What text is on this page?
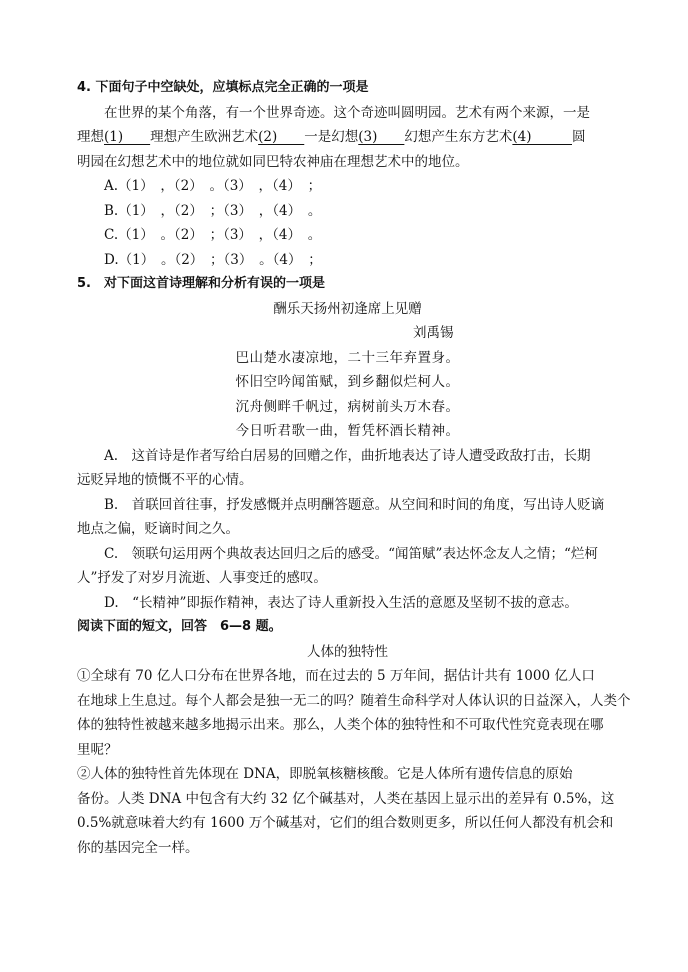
4. 下面句子中空缺处，应填标点完全正确的一项是
在世界的某个角落，有一个世界奇迹。这个奇迹叫圆明园。艺术有两个来源，一是
理想(1)　　理想产生欧洲艺术(2)　　一是幻想(3)　　幻想产生东方艺术(4)　　　圆
明园在幻想艺术中的地位就如同巴特农神庙在理想艺术中的地位。
A.（1）　，（2）　。（3）　，（4）　；
B.（1）　，（2）　；（3）　，（4）　。
C.（1）　。（2）　；（3）　，（4）　。
D.（1）　。（2）　；（3）　。（4）　；
5.　对下面这首诗理解和分析有误的一项是
酬乐天扬州初逢席上见赠
刘禹锡
巴山楚水凄凉地，二十三年弃置身。
怀旧空吟闻笛赋，到乡翻似烂柯人。
沉舟侧畔千帆过，病树前头万木春。
今日听君歌一曲，暂凭杯酒长精神。
A.　这首诗是作者写给白居易的回赠之作，曲折地表达了诗人遭受政敌打击，长期
远贬异地的愤慨不平的心情。
B.　首联回首往事，抒发感慨并点明酬答题意。从空间和时间的角度，写出诗人贬谪
地点之偏，贬谪时间之久。
C.　领联句运用两个典故表达回归之后的感受。“闻笛赋”表达怀念友人之情；“烂柯
人”抒发了对岁月流逝、人事变迁的感叹。
D.　“长精神”即振作精神，表达了诗人重新投入生活的意愿及坚韧不拔的意志。
阅读下面的短文，回答　6—8 题。
人体的独特性
①全球有 70 亿人口分布在世界各地，而在过去的 5 万年间，据估计共有 1000 亿人口
在地球上生息过。每个人都会是独一无二的吗？随着生命科学对人体认识的日益深入，人类个
体的独特性被越来越多地揭示出来。那么，人类个体的独特性和不可取代性究竟表现在哪
里呢？
②人体的独特性首先体现在 DNA，即脱氧核糖核酸。它是人体所有遗传信息的原始
备份。人类 DNA 中包含有大约 32 亿个碱基对，人类在基因上显示出的差异有 0.5%，这
0.5%就意味着大约有 1600 万个碱基对，它们的组合数则更多，所以任何人都没有机会和
你的基因完全一样。
